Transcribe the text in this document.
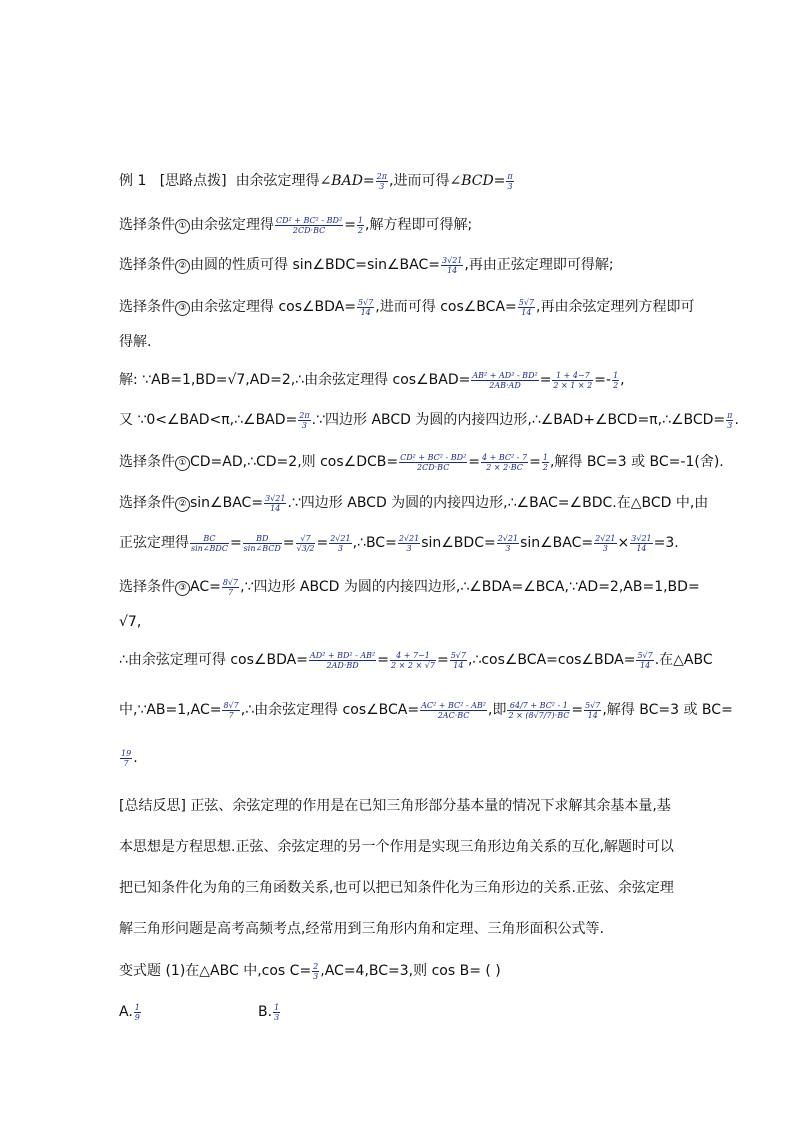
例 1 [思路点拨] 由余弦定理得∠BAD= $\frac{2\pi}{3}$ ,进而可得∠BCD= $\frac{\pi}{3}$
选择条件 ① 由余弦定理得 $\frac{\text{CD² + BC² - BD²}}{2CD\cdot BC} = \frac{1}{2}$ ,解方程即可得解;
选择条件 ② 由圆的性质可得 sin∠BDC=sin∠BAC= $\frac{3√21}{14}$ ,再由正弦定理即可得解;
选择条件 ③ 由余弦定理得 cos∠BDA= $\frac{5√7}{14}$ ,进而可得 cos∠BCA= $\frac{5√7}{14}$ ,再由余弦定理列方程即可
得解.
解: ∵AB=1,BD=√7,AD=2,∴由余弦定理得 cos∠BAD= $\frac{\text{AB² + AD² - BD²}}{2AB\cdot AD} = \frac{1 + 4-7}{2 \times 1 \times 2} =- \frac{1}{2}$ ,
又 ∵0<∠BAD<π,∴∠BAD= $\frac{2\pi}{3}$ .∵四边形 ABCD 为圆的内接四边形,∴∠BAD+∠BCD=π,∴∠BCD= $\frac{\pi}{3}$ .
选择条件 ① CD=AD,∴CD=2,则 cos∠DCB= $\frac{\text{CD² + BC² - BD²}}{2CD\cdot BC} = \frac{\text{4 + BC² - 7}}{2 \times 2\cdot BC} = \frac{1}{2}$ ,解得 BC=3 或 BC=-1(舍).
选择条件 ② sin∠BAC= $\frac{3√21}{14}$ .∵四边形 ABCD 为圆的内接四边形,∴∠BAC=∠BDC.在△BCD 中,由
正弦定理得 $\frac{BC}{\text{sin∠BDC}} = \frac{BD}{\text{sin∠BCD}} = \frac{√7}{√3/2} = \frac{2√21}{3}$ ,∴BC= $\frac{2√21}{3}$ sin∠BDC= $\frac{2√21}{3}$ sin∠BAC= $\frac{2√21}{3} \times \frac{3√21}{14} =3$.
选择条件 ③ $AC= \frac{8√7}{7}$ ,∵四边形 ABCD 为圆的内接四边形,∴∠BDA=∠BCA,∵AD=2,AB=1,BD=
√7,
∴由余弦定理可得 cos∠BDA= $\frac{\text{AD² + BD² - AB²}}{2AD\cdot BD} = \frac{4 + 7-1}{2 \times 2 \times √7} = \frac{5√7}{14}$ ,∴cos∠BCA=cos∠BDA= $\frac{5√7}{14}$ .在△ABC
中,∵AB=1,AC= $\frac{8√7}{7}$ ,∴由余弦定理得 cos∠BCA= $\frac{\text{AC² + BC² - AB²}}{2AC\cdot BC}$ ,即 $\frac{\text{64/7 + BC² - 1}}{2 \times (8√7/7)\cdot BC} = \frac{5√7}{14}$ ,解得 BC=3 或 BC=
$\frac{19}{7}$ .
[总结反思] 正弦、余弦定理的作用是在已知三角形部分基本量的情况下求解其余基本量,基
本思想是方程思想.正弦、余弦定理的另一个作用是实现三角形边角关系的互化,解题时可以
把已知条件化为角的三角函数关系,也可以把已知条件化为三角形边的关系.正弦、余弦定理
解三角形问题是高考高频考点,经常用到三角形内角和定理、三角形面积公式等.
变式题 (1)在△ABC 中,cos $C= \frac{2}{3} ,AC=4,BC=3$,则 cos B= ( )
A. $\frac{1}{9}$	B. $\frac{1}{3}$
